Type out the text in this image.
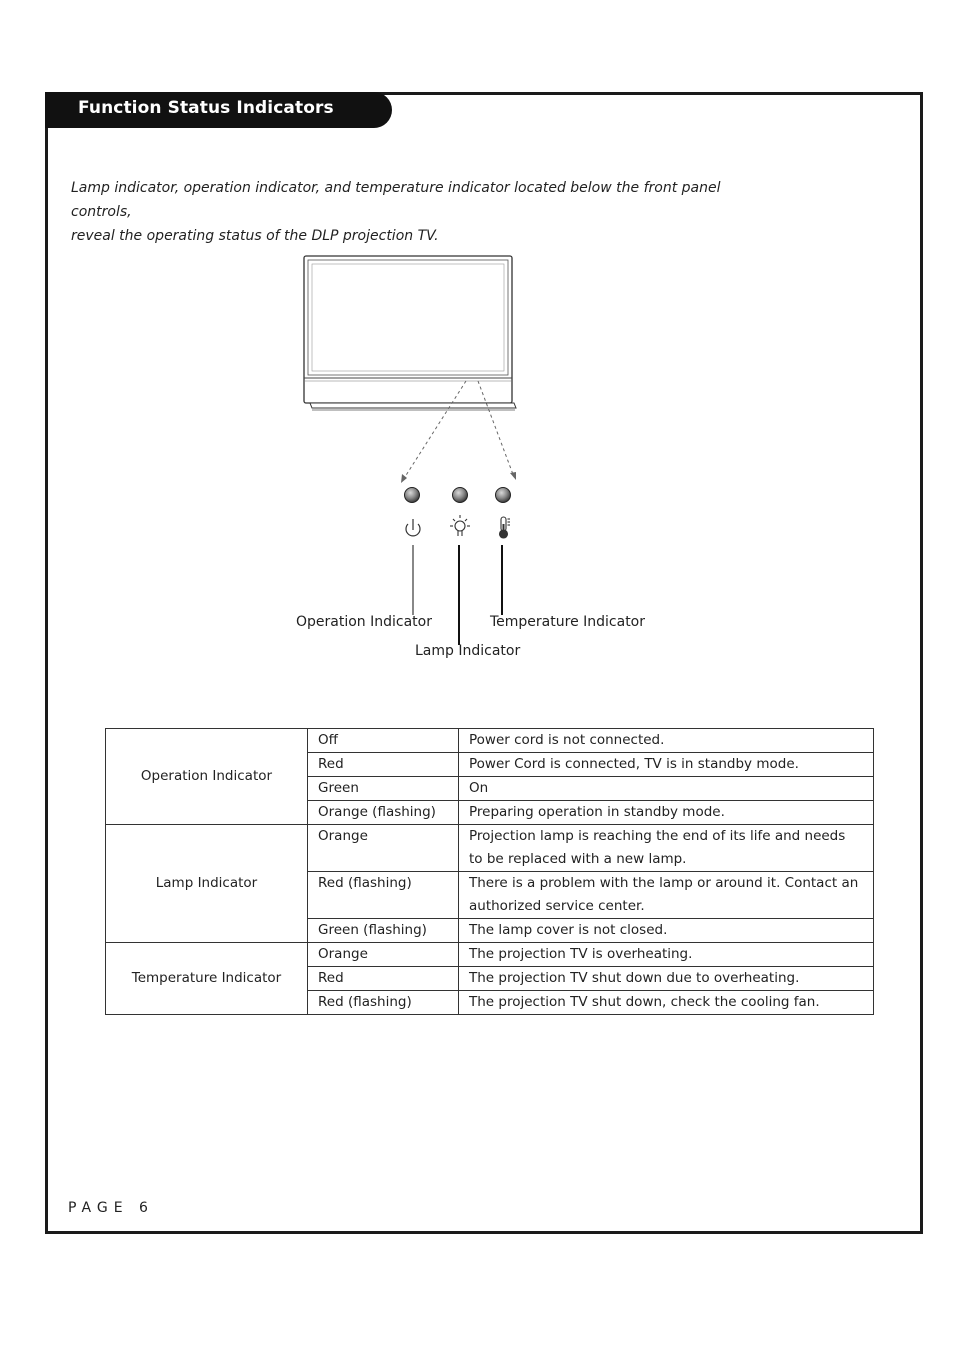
Function Status Indicators

Lamp indicator, operation indicator, and temperature indicator located below the front panel controls,

reveal the operating status of the DLP projection TV.

Operation Indicator	Temperature Indicator
Lamp Indicator
Operation Indicator	Off	Power cord is not connected.
	Red	Power Cord is connected, TV is in standby mode.
	Green	On
	Orange (flashing)	Preparing operation in standby mode.
Lamp Indicator	Orange	Projection lamp is reaching the end of its life and needs to be replaced with a new lamp.
	Red (flashing)	There is a problem with the lamp or around it. Contact an authorized service center.
	Green (flashing)	The lamp cover is not closed.
Temperature Indicator	Orange	The projection TV is overheating.
	Red	The projection TV shut down due to overheating.
	Red (flashing)	The projection TV shut down, check the cooling fan.
PAGE 6
